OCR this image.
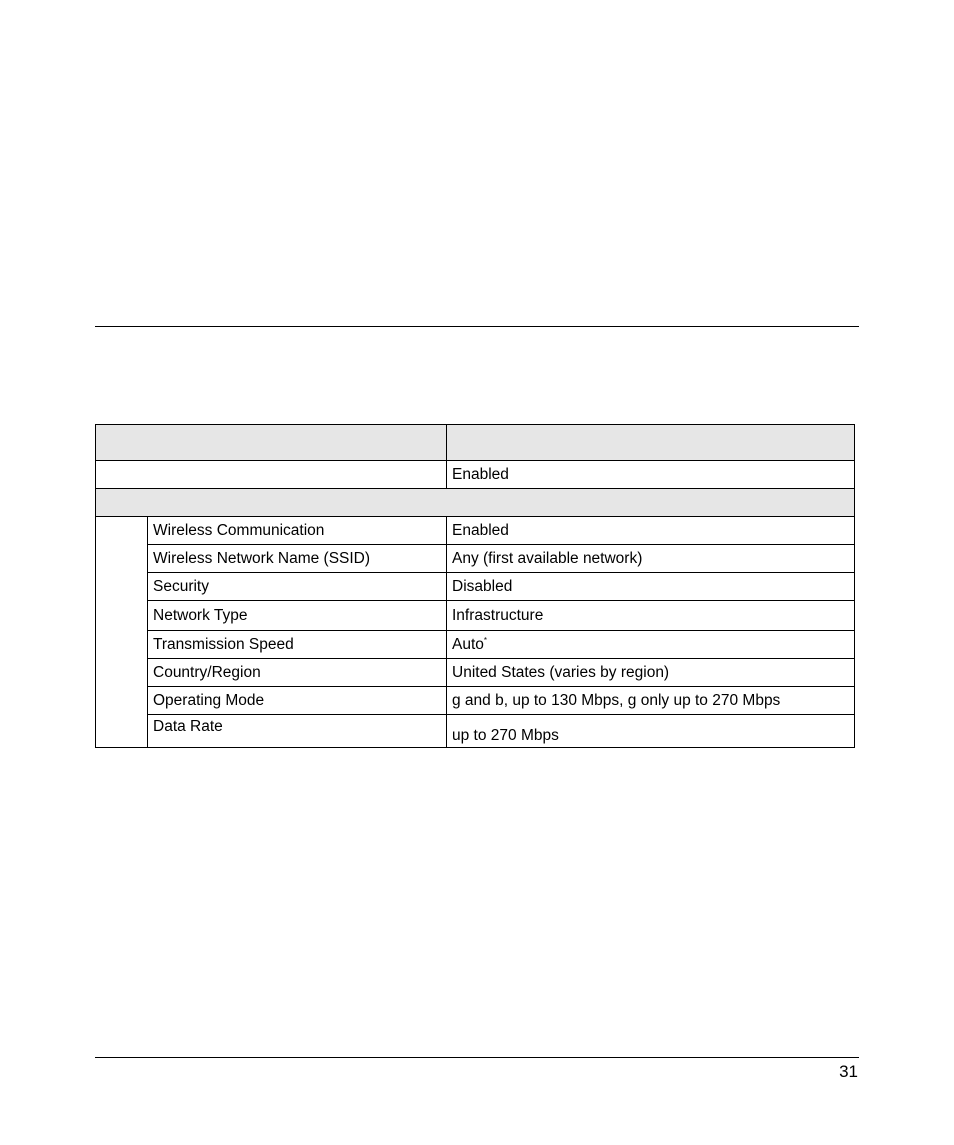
		Enabled

	Wireless Communication	Enabled
	Wireless Network Name (SSID)	Any (first available network)
	Security	Disabled
	Network Type	Infrastructure
	Transmission Speed	Auto*
	Country/Region	United States (varies by region)
	Operating Mode	g and b, up to 130 Mbps, g only up to 270 Mbps
	Data Rate	up to 270 Mbps
31
